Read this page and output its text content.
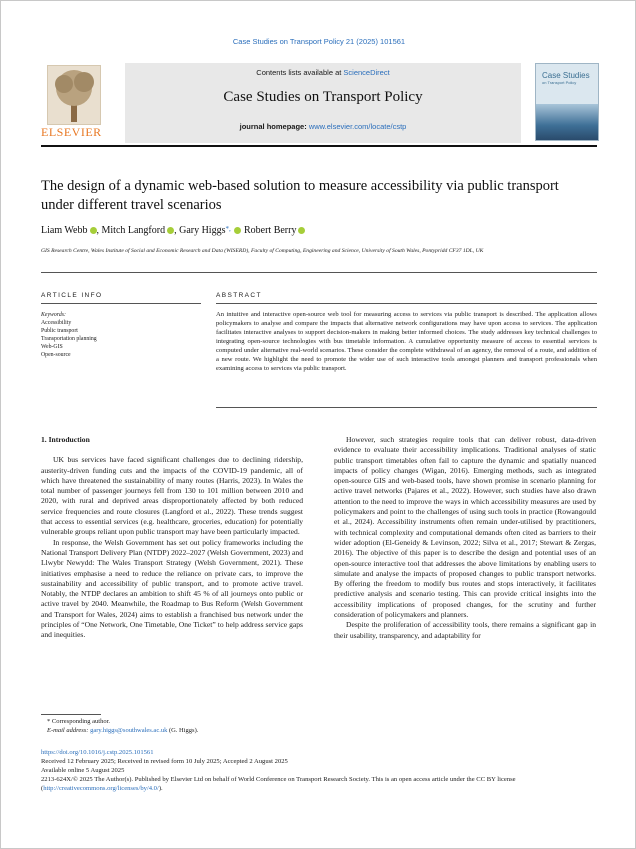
Case Studies on Transport Policy 21 (2025) 101561
ELSEVIER
Contents lists available at ScienceDirect
Case Studies on Transport Policy
journal homepage: www.elsevier.com/locate/cstp
Case Studies
on Transport Policy
The design of a dynamic web-based solution to measure accessibility via public transport under different travel scenarios
Liam Webb , Mitch Langford , Gary Higgs*,  Robert Berry
GIS Research Centre, Wales Institute of Social and Economic Research and Data (WISERD), Faculty of Computing, Engineering and Science, University of South Wales, Pontypridd CF37 1DL, UK
ARTICLE INFO
Keywords:
Accessibility
Public transport
Transportation planning
Web-GIS
Open-source
ABSTRACT
An intuitive and interactive open-source web tool for measuring access to services via public transport is described. The application allows policymakers to analyse and compare the impacts that alternative network configurations may have upon access to services. The application facilitates interactive analyses to support decision-makers in making better informed choices. The study addresses key technical challenges to integrating open-source technologies with bus timetable information. A cumulative opportunity measure of access to essential services is computed under alternative real-world scenarios. These consider the complete withdrawal of an agency, the removal of a route, and addition of a new route. We highlight the need to promote the wider use of such interactive tools amongst planners and transport professionals when examining access to services via public transport.
1. Introduction

UK bus services have faced significant challenges due to declining ridership, austerity-driven funding cuts and the impacts of the COVID-19 pandemic, all of which have threatened the sustainability of many routes (Harris, 2023). In Wales the total number of passenger journeys fell from 130 to 101 million between 2010 and 2020, with rural and deprived areas disproportionately affected by both reduced service frequencies and route closures (Langford et al., 2022). These trends suggest that access to essential services (e.g. healthcare, groceries, education) for potentially vulnerable groups reliant upon public transport may have been particularly impacted.

In response, the Welsh Government has set out policy frameworks including the National Transport Delivery Plan (NTDP) 2022–2027 (Welsh Government, 2023) and Llwybr Newydd: The Wales Transport Strategy (Welsh Government, 2021). These initiatives emphasise a need to reduce the reliance on private cars, to improve the sustainability and accessibility of public transport, and to promote active travel. Notably, the NTDP declares an ambition to shift 45 % of all journeys onto public or active travel by 2040. Meanwhile, the Roadmap to Bus Reform (Welsh Government and Transport for Wales, 2024) aims to establish a franchised bus network under the principles of “One Network, One Timetable, One Ticket” to help address service gaps and inequities.

However, such strategies require tools that can deliver robust, data-driven evidence to evaluate their accessibility implications. Traditional analyses of static public transport timetables often fail to capture the dynamic and spatially nuanced impacts of policy changes (Wigan, 2016). Emerging methods, such as integrated open-source GIS and web-based tools, have shown promise in scenario planning for active travel networks (Pajares et al., 2022). However, such studies have also drawn attention to the need to improve the ways in which accessibility measures are used by policymakers and point to the challenges of using such tools in practice (Rowangould et al., 2024). Accessibility instruments often remain under-utilised by practitioners, with technical complexity and computational demands often cited as barriers to their wider adoption (El-Geneidy & Levinson, 2022; Silva et al., 2017; Stewart & Zergas, 2016). The objective of this paper is to describe the design and potential uses of an open-source interactive tool that addresses the above limitations by enabling users to simulate and analyse the impacts of proposed changes to public transport networks. By offering the freedom to modify bus routes and stops interactively, it facilitates predictive analysis and scenario testing. This can provide critical insights into the accessibility implications of proposed changes, for the scrutiny and further consideration of policymakers and planners.

Despite the proliferation of accessibility tools, there remains a significant gap in their usability, transparency, and adaptability for

* Corresponding author.
E-mail address: gary.higgs@southwales.ac.uk (G. Higgs).
https://doi.org/10.1016/j.cstp.2025.101561
Received 12 February 2025; Received in revised form 10 July 2025; Accepted 2 August 2025
Available online 5 August 2025
2213-624X/© 2025 The Author(s). Published by Elsevier Ltd on behalf of World Conference on Transport Research Society. This is an open access article under the CC BY license (http://creativecommons.org/licenses/by/4.0/).
